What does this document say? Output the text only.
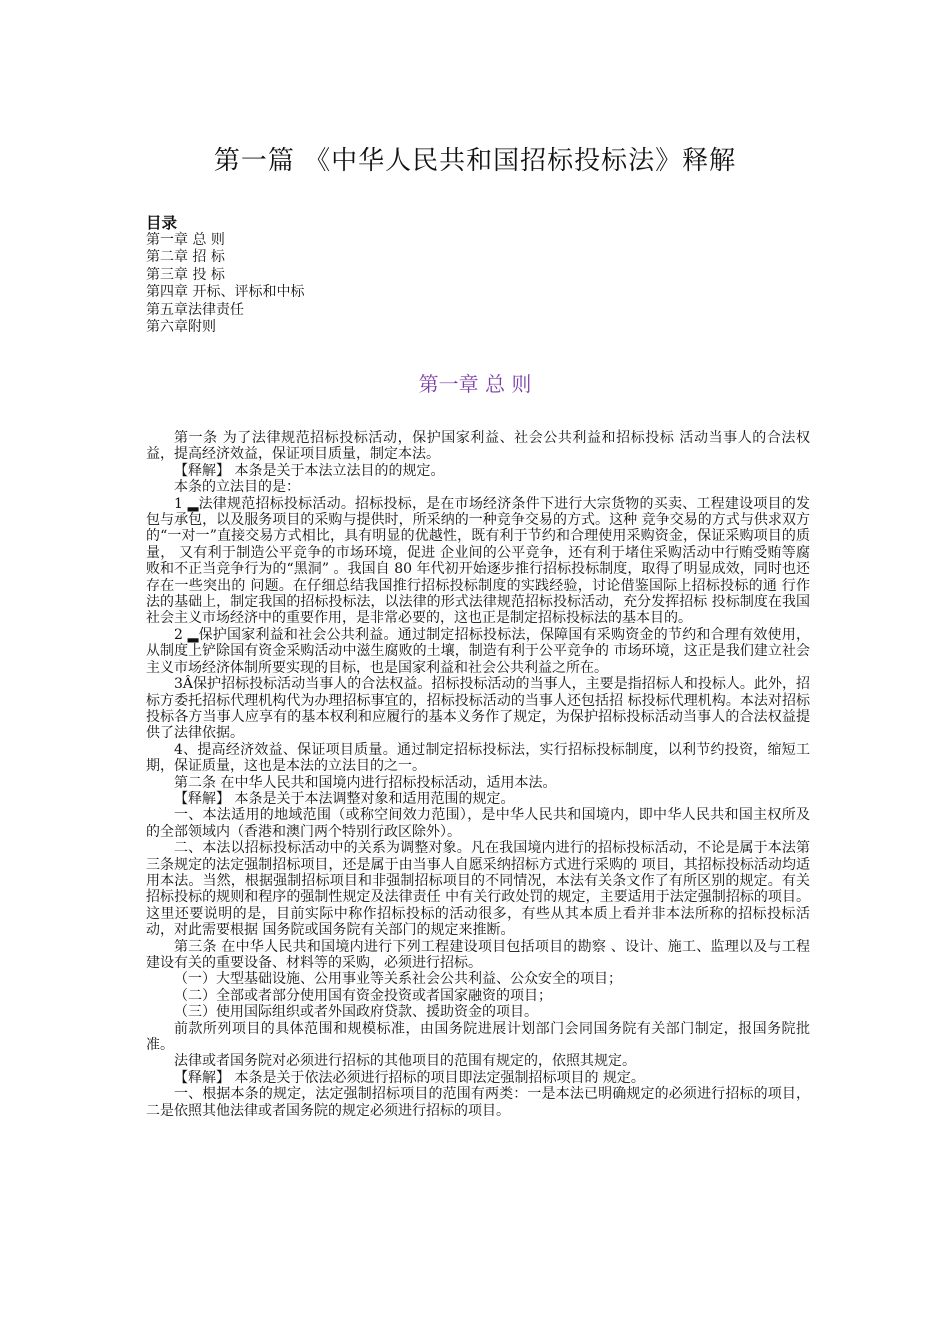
第一篇 《中华人民共和国招标投标法》释解
目录
第一章 总 则
第二章 招 标
第三章 投 标
第四章 开标、评标和中标
第五章法律责任
第六章附则
第一章 总 则

第一条 为了法律规范招标投标活动，保护国家利益、社会公共利益和招标投标 活动当事人的合法权益，提高经济效益，保证项目质量，制定本法。

【释解】 本条是关于本法立法目的的规定。

本条的立法目的是：

1 ▂法律规范招标投标活动。招标投标，是在市场经济条件下进行大宗货物的买卖、工程建设项目的发包与承包，以及服务项目的采购与提供时，所采纳的一种竞争交易的方式。这种 竞争交易的方式与供求双方的“一对一”直接交易方式相比，具有明显的优越性，既有利于节约和合理使用采购资金，保证采购项目的质量， 又有利于制造公平竞争的市场环境，促进 企业间的公平竞争，还有利于堵住采购活动中行贿受贿等腐败和不正当竞争行为的“黑洞” 。我国自 80 年代初开始逐步推行招标投标制度，取得了明显成效，同时也还存在一些突出的 问题。在仔细总结我国推行招标投标制度的实践经验，讨论借鉴国际上招标投标的通 行作法的基础上，制定我国的招标投标法，以法律的形式法律规范招标投标活动，充分发挥招标 投标制度在我国社会主义市场经济中的重要作用，是非常必要的，这也正是制定招标投标法的基本目的。

2 ▂保护国家利益和社会公共利益。通过制定招标投标法，保障国有采购资金的节约和合理有效使用，从制度上铲除国有资金采购活动中滋生腐败的土壤，制造有利于公平竞争的 市场环境，这正是我们建立社会主义市场经济体制所要实现的目标，也是国家利益和社会公共利益之所在。

3Â保护招标投标活动当事人的合法权益。招标投标活动的当事人，主要是指招标人和投标人。此外，招标方委托招标代理机构代为办理招标事宜的，招标投标活动的当事人还包括招 标投标代理机构。本法对招标投标各方当事人应享有的基本权利和应履行的基本义务作了规定，为保护招标投标活动当事人的合法权益提供了法律依据。

4、提高经济效益、保证项目质量。通过制定招标投标法，实行招标投标制度，以利节约投资，缩短工期，保证质量，这也是本法的立法目的之一。

第二条 在中华人民共和国境内进行招标投标活动，适用本法。

【释解】 本条是关于本法调整对象和适用范围的规定。

一、本法适用的地域范围（或称空间效力范围），是中华人民共和国境内，即中华人民共和国主权所及的全部领域内（香港和澳门两个特别行政区除外）。

二、本法以招标投标活动中的关系为调整对象。凡在我国境内进行的招标投标活动，不论是属于本法第三条规定的法定强制招标项目，还是属于由当事人自愿采纳招标方式进行采购的 项目，其招标投标活动均适用本法。当然，根据强制招标项目和非强制招标项目的不同情况，本法有关条文作了有所区别的规定。有关招标投标的规则和程序的强制性规定及法律责任 中有关行政处罚的规定，主要适用于法定强制招标的项目。这里还要说明的是，目前实际中称作招标投标的活动很多，有些从其本质上看并非本法所称的招标投标活动，对此需要根据 国务院或国务院有关部门的规定来推断。

第三条 在中华人民共和国境内进行下列工程建设项目包括项目的勘察 、设计、施工、监理以及与工程建设有关的重要设备、材料等的采购，必须进行招标。

（一）大型基础设施、公用事业等关系社会公共利益、公众安全的项目；

（二）全部或者部分使用国有资金投资或者国家融资的项目；

（三）使用国际组织或者外国政府贷款、援助资金的项目。

前款所列项目的具体范围和规模标准，由国务院进展计划部门会同国务院有关部门制定，报国务院批准。

法律或者国务院对必须进行招标的其他项目的范围有规定的，依照其规定。

【释解】 本条是关于依法必须进行招标的项目即法定强制招标项目的 规定。

一、根据本条的规定，法定强制招标项目的范围有两类：一是本法已明确规定的必须进行招标的项目，二是依照其他法律或者国务院的规定必须进行招标的项目。
